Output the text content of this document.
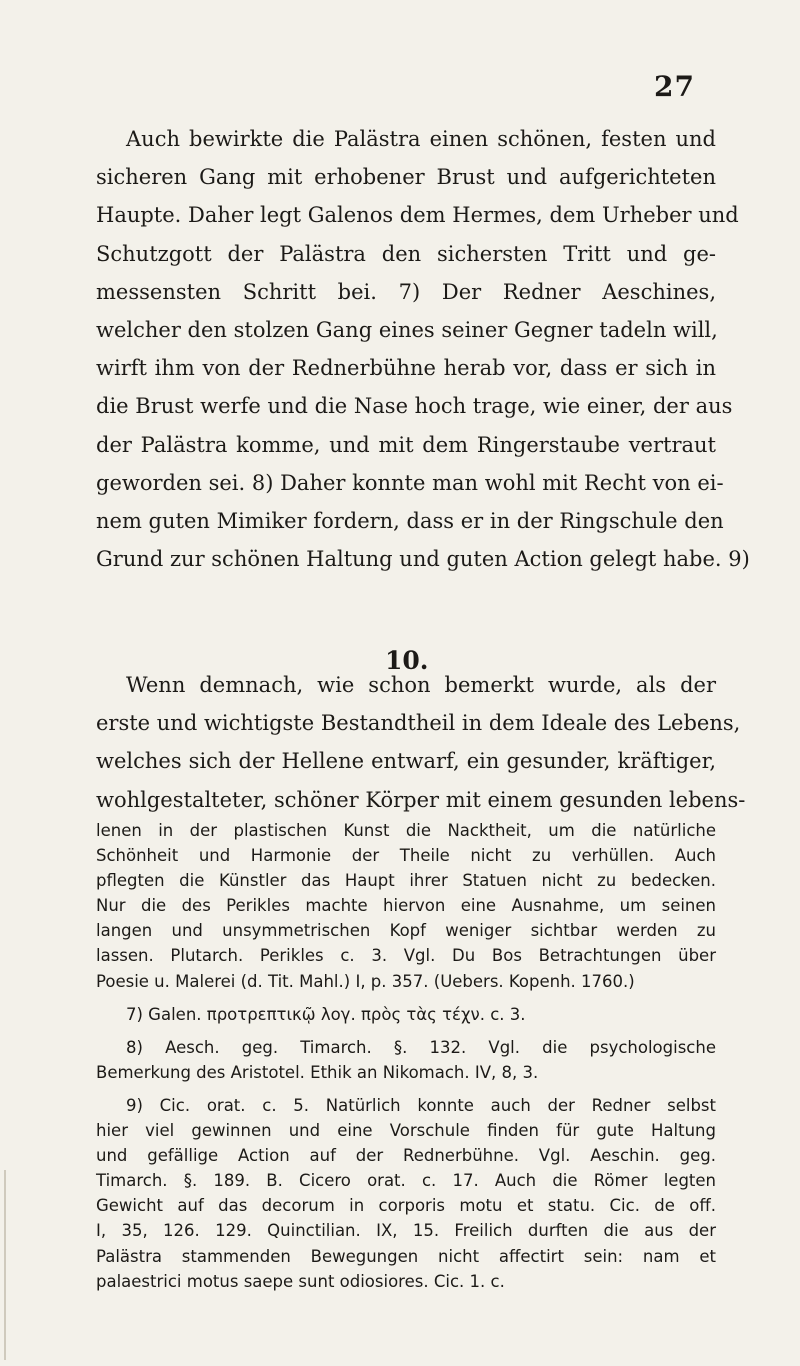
27
Auch bewirkte die Palästra einen schönen, festen und
sicheren Gang mit erhobener Brust und aufgerichteten
Haupte. Daher legt Galenos dem Hermes, dem Urheber und
Schutzgott der Palästra den sichersten Tritt und ge-
messensten Schritt bei. 7) Der Redner Aeschines,
welcher den stolzen Gang eines seiner Gegner tadeln will,
wirft ihm von der Rednerbühne herab vor, dass er sich in
die Brust werfe und die Nase hoch trage, wie einer, der aus
der Palästra komme, und mit dem Ringerstaube vertraut
geworden sei. 8) Daher konnte man wohl mit Recht von ei-
nem guten Mimiker fordern, dass er in der Ringschule den
Grund zur schönen Haltung und guten Action gelegt habe. 9)
10.
Wenn demnach, wie schon bemerkt wurde, als der
erste und wichtigste Bestandtheil in dem Ideale des Lebens,
welches sich der Hellene entwarf, ein gesunder, kräftiger,
wohlgestalteter, schöner Körper mit einem gesunden lebens-
lenen in der plastischen Kunst die Nacktheit, um die natürliche
Schönheit und Harmonie der Theile nicht zu verhüllen. Auch
pflegten die Künstler das Haupt ihrer Statuen nicht zu bedecken.
Nur die des Perikles machte hiervon eine Ausnahme, um seinen
langen und unsymmetrischen Kopf weniger sichtbar werden zu
lassen. Plutarch. Perikles c. 3. Vgl. Du Bos Betrachtungen über
Poesie u. Malerei (d. Tit. Mahl.) I, p. 357. (Uebers. Kopenh. 1760.)
7) Galen. προτρεπτικῷ λογ. πρὸς τὰς τέχν. c. 3.
8) Aesch. geg. Timarch. §. 132. Vgl. die psychologische
Bemerkung des Aristotel. Ethik an Nikomach. IV, 8, 3.
9) Cic. orat. c. 5. Natürlich konnte auch der Redner selbst
hier viel gewinnen und eine Vorschule finden für gute Haltung
und gefällige Action auf der Rednerbühne. Vgl. Aeschin. geg.
Timarch. §. 189. B. Cicero orat. c. 17. Auch die Römer legten
Gewicht auf das decorum in corporis motu et statu. Cic. de off.
I, 35, 126. 129. Quinctilian. IX, 15. Freilich durften die aus der
Palästra stammenden Bewegungen nicht affectirt sein: nam et
palaestrici motus saepe sunt odiosiores. Cic. 1. c.
